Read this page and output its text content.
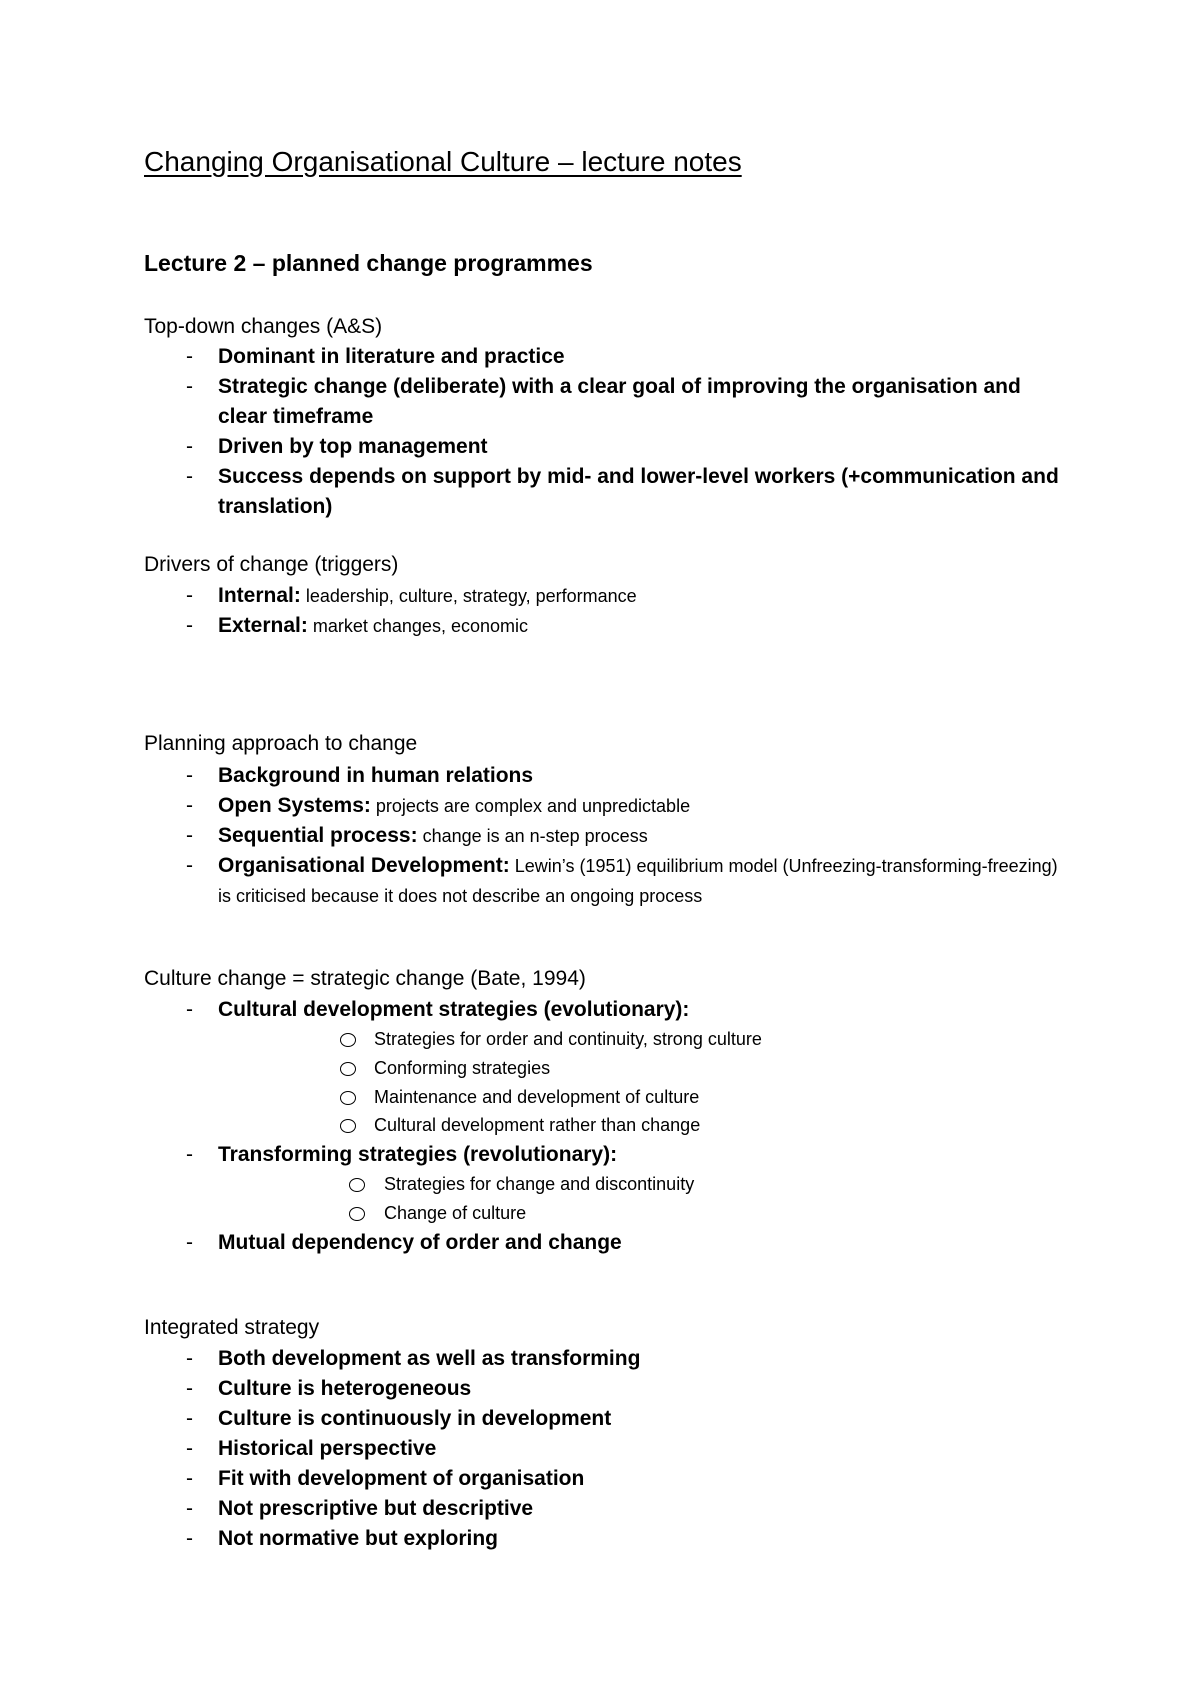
Changing Organisational Culture – lecture notes
Lecture 2 – planned change programmes
Top-down changes (A&S)
-	Dominant in literature and practice
-	Strategic change (deliberate) with a clear goal of improving the organisation and clear timeframe
-	Driven by top management
-	Success depends on support by mid- and lower-level workers (+communication and translation)
Drivers of change (triggers)
-	Internal: leadership, culture, strategy, performance
-	External: market changes, economic
Planning approach to change
-	Background in human relations
-	Open Systems: projects are complex and unpredictable
-	Sequential process: change is an n-step process
-	Organisational Development: Lewin’s (1951) equilibrium model (Unfreezing-transforming-freezing) is criticised because it does not describe an ongoing process
Culture change = strategic change (Bate, 1994)
-	Cultural development strategies (evolutionary):
Strategies for order and continuity, strong culture
Conforming strategies
Maintenance and development of culture
Cultural development rather than change
-	Transforming strategies (revolutionary):
Strategies for change and discontinuity
Change of culture
-	Mutual dependency of order and change
Integrated strategy
-	Both development as well as transforming
-	Culture is heterogeneous
-	Culture is continuously in development
-	Historical perspective
-	Fit with development of organisation
-	Not prescriptive but descriptive
-	Not normative but exploring
